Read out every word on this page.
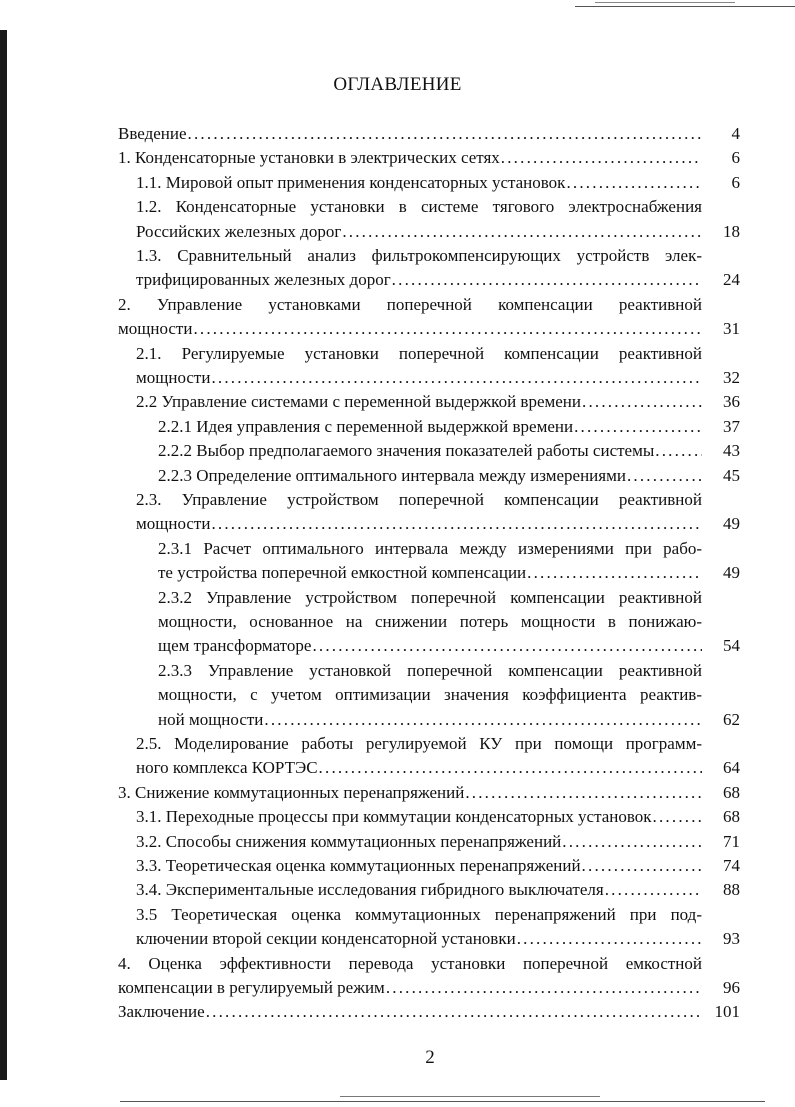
ОГЛАВЛЕНИЕ
Введение .....	4
1. Конденсаторные установки в электрических сетях .....	6
1.1. Мировой опыт применения конденсаторных установок .....	6
1.2. Конденсаторные установки в системе тягового электроснабжения
Российских железных дорог .....	18
1.3. Сравнительный анализ фильтрокомпенсирующих устройств элек-
трифицированных железных дорог .....	24
2. Управление установками поперечной компенсации реактивной
мощности .....	31
2.1. Регулируемые установки поперечной компенсации реактивной
мощности .....	32
2.2 Управление системами с переменной выдержкой времени .....	36
2.2.1 Идея управления с переменной выдержкой времени .....	37
2.2.2 Выбор предполагаемого значения показателей работы системы .....	43
2.2.3 Определение оптимального интервала между измерениями .....	45
2.3. Управление устройством поперечной компенсации реактивной
мощности .....	49
2.3.1 Расчет оптимального интервала между измерениями при рабо-
те устройства поперечной емкостной компенсации .....	49
2.3.2 Управление устройством поперечной компенсации реактивной
мощности, основанное на снижении потерь мощности в понижаю-
щем трансформаторе .....	54
2.3.3 Управление установкой поперечной компенсации реактивной
мощности, с учетом оптимизации значения коэффициента реактив-
ной мощности .....	62
2.5. Моделирование работы регулируемой КУ при помощи программ-
ного комплекса КОРТЭС .....	64
3. Снижение коммутационных перенапряжений .....	68
3.1. Переходные процессы при коммутации конденсаторных установок .....	68
3.2. Способы снижения коммутационных перенапряжений .....	71
3.3. Теоретическая оценка коммутационных перенапряжений .....	74
3.4. Экспериментальные исследования гибридного выключателя .....	88
3.5 Теоретическая оценка коммутационных перенапряжений при под-
ключении второй секции конденсаторной установки .....	93
4. Оценка эффективности перевода установки поперечной емкостной
компенсации в регулируемый режим .....	96
Заключение .....	101
2
